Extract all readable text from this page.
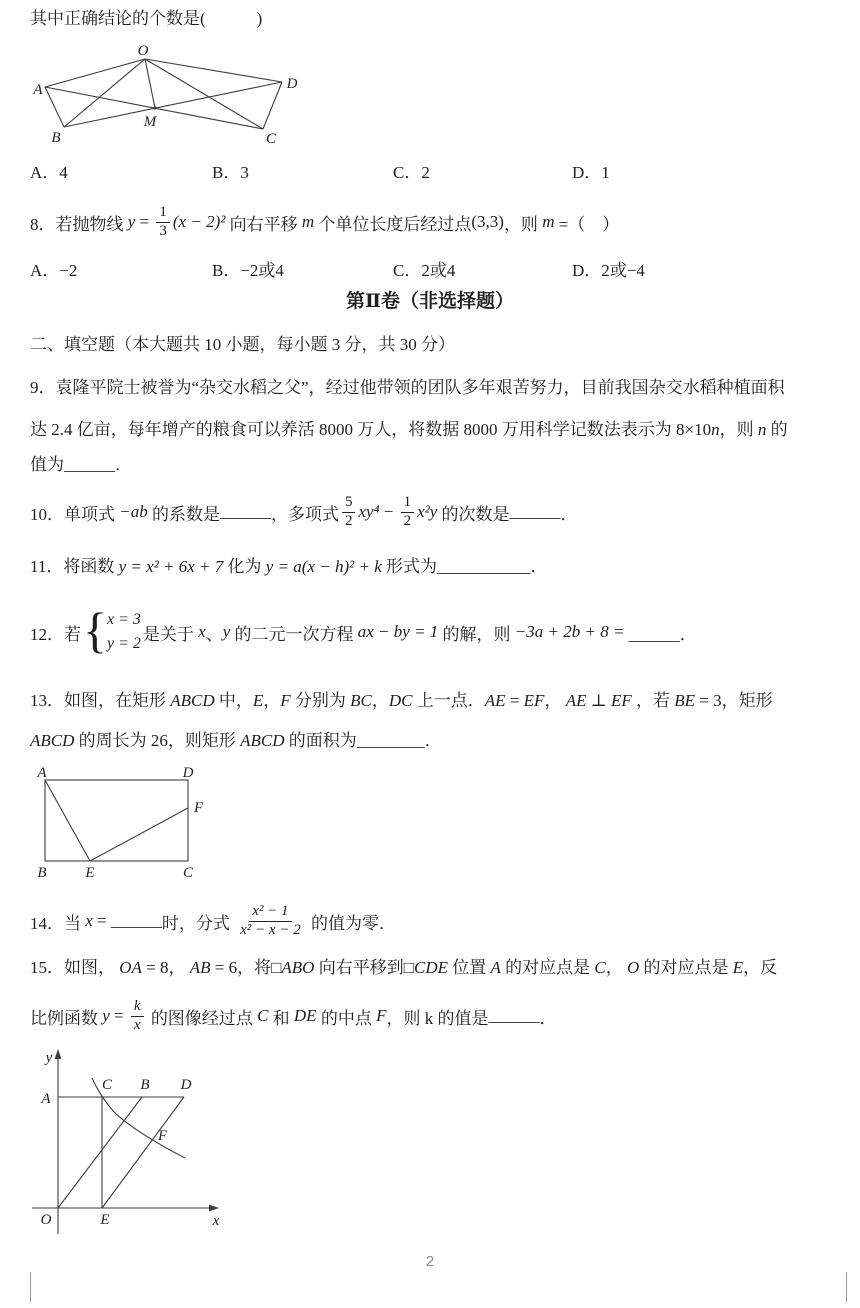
其中正确结论的个数是(　　　)
O
A
B
M
C
D
A．4	B．3	C．2	D．1
8．若抛物线 $y = \frac{1}{3} (x - 2)^2$ 向右平移 m 个单位长度后经过点 (3,3) ，则 m =（　）
A．−2	B．−2或4	C．2或4	D．2或−4
第Ⅱ卷（非选择题）
二、填空题（本大题共 10 小题，每小题 3 分，共 30 分）
9．袁隆平院士被誉为“杂交水稻之父”，经过他带领的团队多年艰苦努力，目前我国杂交水稻种植面积
达 2.4 亿亩，每年增产的粮食可以养活 8000 万人，将数据 8000 万用科学记数法表示为 8×10n，则 n 的
值为______．
10．单项式 −ab 的系数是 ______ ，多项式 $\frac{5}{2} xy^4 - \frac{1}{2} x^2y$ 的次数是 ______ ．
11．将函数 y = x² + 6x + 7 化为 y = a(x − h)² + k 形式为___________．
12．若 { x = 3
y = 2 是关于 x 、 y 的二元一次方程 ax − by = 1 的解，则 −3a + 2b + 8 = ______．
13．如图，在矩形 ABCD 中，E，F 分别为 BC，DC 上一点．AE = EF， AE ⊥ EF ，若 BE = 3，矩形
ABCD 的周长为 26，则矩形 ABCD 的面积为________．
A	D
F
B	E	C
14．当 x = ______ 时，分式 $\frac{\text{x² − 1}}{\text{x² − x − 2}}$ 的值为零．
15．如图， OA = 8， AB = 6，将□ABO 向右平移到□CDE 位置 A 的对应点是 C， O 的对应点是 E，反
比例函数 $y = \frac{k}{x}$ 的图像经过点 C 和 DE 的中点 F ，则 k 的值是 ______ ．
y
x
O
A
C B D
E
F
2
